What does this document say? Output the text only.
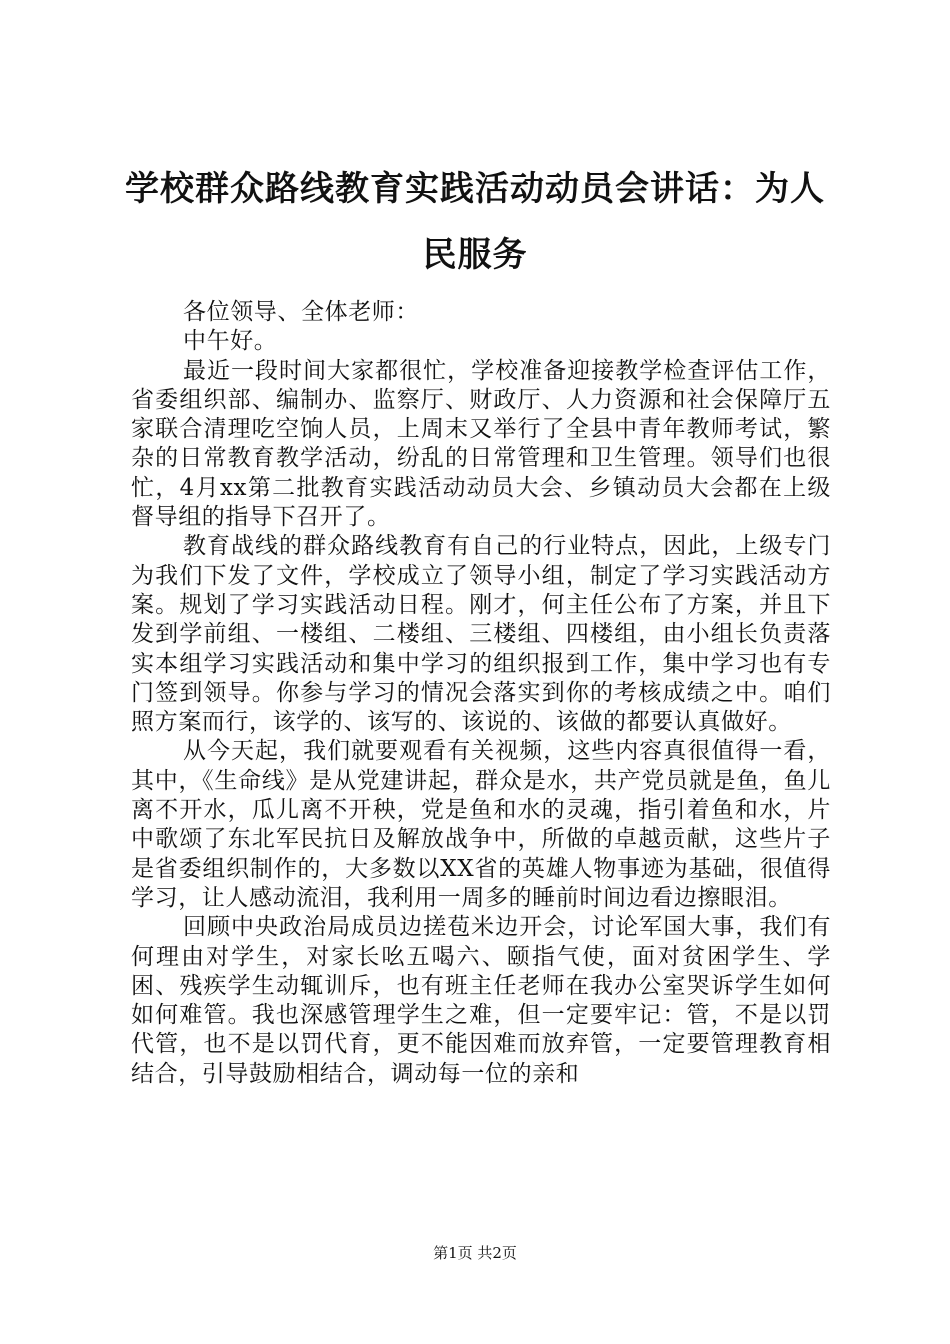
学校群众路线教育实践活动动员会讲话：为人民服务

各位领导、全体老师：

中午好。

最近一段时间大家都很忙，学校准备迎接教学检查评估工作，省委组织部、编制办、监察厅、财政厅、人力资源和社会保障厅五家联合清理吃空饷人员，上周末又举行了全县中青年教师考试，繁杂的日常教育教学活动，纷乱的日常管理和卫生管理。领导们也很忙，4月xx第二批教育实践活动动员大会、乡镇动员大会都在上级督导组的指导下召开了。

教育战线的群众路线教育有自己的行业特点，因此，上级专门为我们下发了文件，学校成立了领导小组，制定了学习实践活动方案。规划了学习实践活动日程。刚才，何主任公布了方案，并且下发到学前组、一楼组、二楼组、三楼组、四楼组，由小组长负责落实本组学习实践活动和集中学习的组织报到工作，集中学习也有专门签到领导。你参与学习的情况会落实到你的考核成绩之中。咱们照方案而行，该学的、该写的、该说的、该做的都要认真做好。

从今天起，我们就要观看有关视频，这些内容真很值得一看，其中，《生命线》是从党建讲起，群众是水，共产党员就是鱼，鱼儿离不开水，瓜儿离不开秧，党是鱼和水的灵魂，指引着鱼和水，片中歌颂了东北军民抗日及解放战争中，所做的卓越贡献，这些片子是省委组织制作的，大多数以XX省的英雄人物事迹为基础，很值得学习，让人感动流泪，我利用一周多的睡前时间边看边擦眼泪。

回顾中央政治局成员边搓苞米边开会，讨论军国大事，我们有何理由对学生，对家长吆五喝六、颐指气使，面对贫困学生、学困、残疾学生动辄训斥，也有班主任老师在我办公室哭诉学生如何如何难管。我也深感管理学生之难，但一定要牢记：管，不是以罚代管，也不是以罚代育，更不能因难而放弃管，一定要管理教育相结合，引导鼓励相结合，调动每一位的亲和

第1页 共2页
